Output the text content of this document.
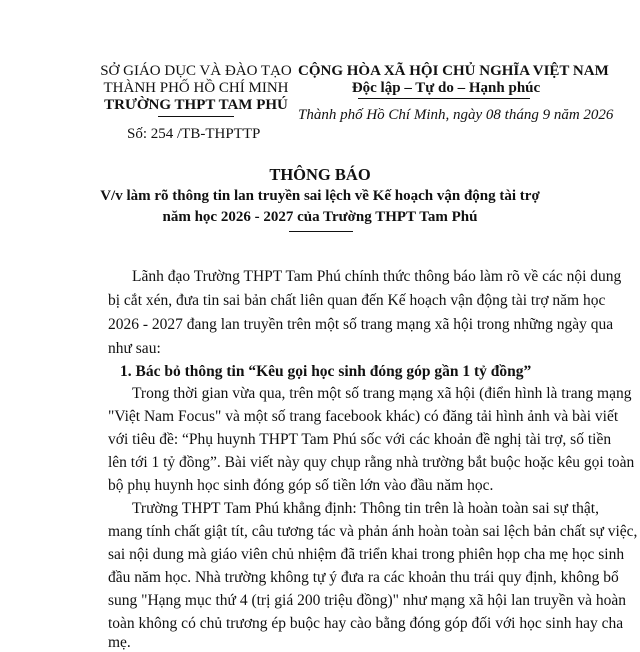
SỞ GIÁO DỤC VÀ ĐÀO TẠO
THÀNH PHỐ HỒ CHÍ MINH
TRƯỜNG THPT TAM PHÚ
Số: 254 /TB-THPTTP
CỘNG HÒA XÃ HỘI CHỦ NGHĨA VIỆT NAM
Độc lập – Tự do – Hạnh phúc
Thành phố Hồ Chí Minh, ngày 08 tháng 9 năm 2026
THÔNG BÁO
V/v làm rõ thông tin lan truyền sai lệch về Kế hoạch vận động tài trợ
năm học 2026 - 2027 của Trường THPT Tam Phú
Lãnh đạo Trường THPT Tam Phú chính thức thông báo làm rõ về các nội dung
bị cắt xén, đưa tin sai bản chất liên quan đến Kế hoạch vận động tài trợ năm học
2026 - 2027 đang lan truyền trên một số trang mạng xã hội trong những ngày qua
như sau:
1. Bác bỏ thông tin “Kêu gọi học sinh đóng góp gần 1 tỷ đồng”
Trong thời gian vừa qua, trên một số trang mạng xã hội (điển hình là trang mạng
"Việt Nam Focus" và một số trang facebook khác) có đăng tải hình ảnh và bài viết
với tiêu đề: “Phụ huynh THPT Tam Phú sốc với các khoản đề nghị tài trợ, số tiền
lên tới 1 tỷ đồng”. Bài viết này quy chụp rằng nhà trường bắt buộc hoặc kêu gọi toàn
bộ phụ huynh học sinh đóng góp số tiền lớn vào đầu năm học.
Trường THPT Tam Phú khẳng định: Thông tin trên là hoàn toàn sai sự thật,
mang tính chất giật tít, câu tương tác và phản ánh hoàn toàn sai lệch bản chất sự việc,
sai nội dung mà giáo viên chủ nhiệm đã triển khai trong phiên họp cha mẹ học sinh
đầu năm học. Nhà trường không tự ý đưa ra các khoản thu trái quy định, không bổ
sung "Hạng mục thứ 4 (trị giá 200 triệu đồng)" như mạng xã hội lan truyền và hoàn
toàn không có chủ trương ép buộc hay cào bằng đóng góp đối với học sinh hay cha
mẹ.
